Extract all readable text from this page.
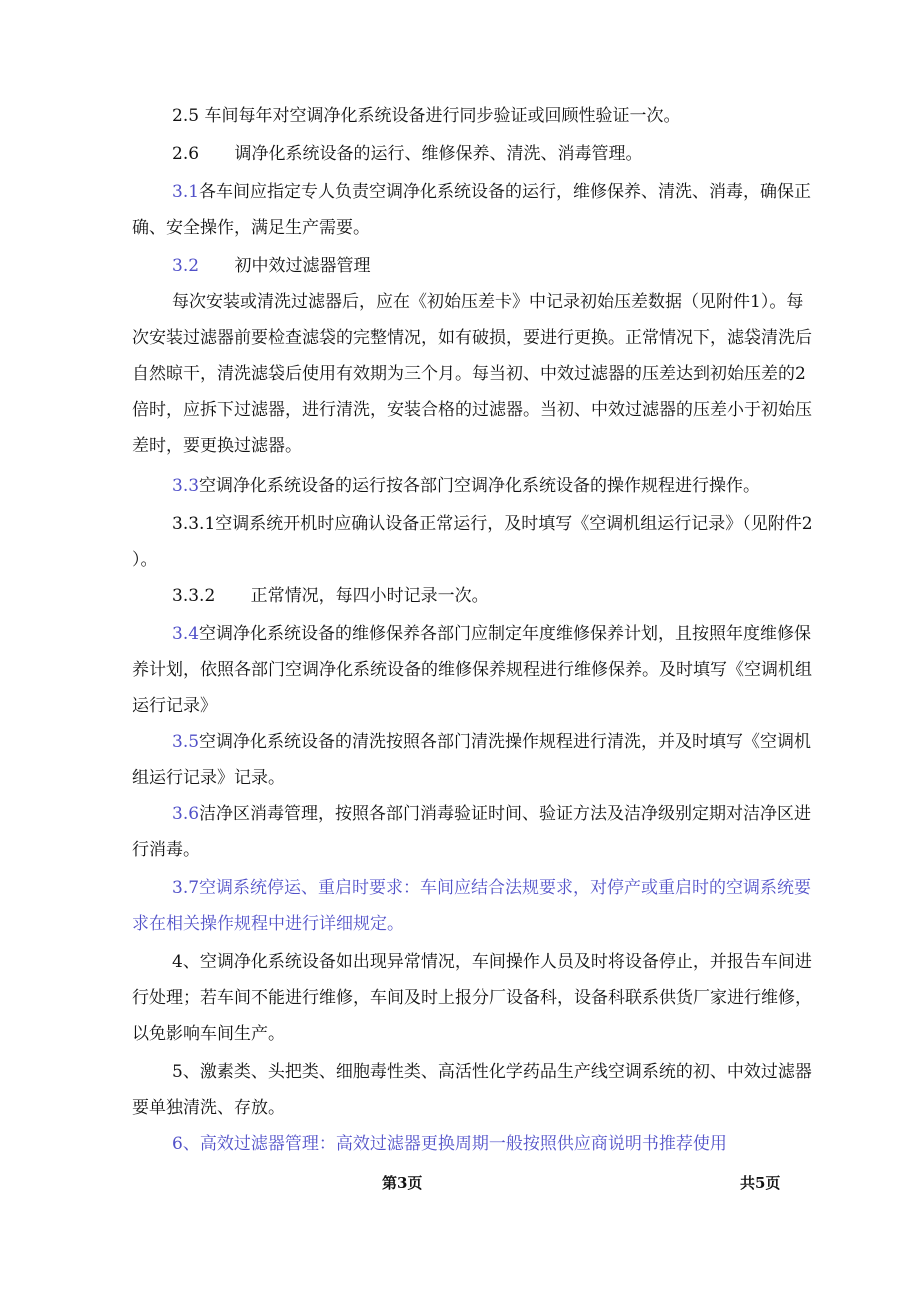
2.5 车间每年对空调净化系统设备进行同步验证或回顾性验证一次。
2.6 调净化系统设备的运行、维修保养、清洗、消毒管理。
3.1各车间应指定专人负责空调净化系统设备的运行，维修保养、清洗、消毒，确保正
确、安全操作，满足生产需要。
3.2 初中效过滤器管理
每次安装或清洗过滤器后，应在《初始压差卡》中记录初始压差数据（见附件1）。每
次安装过滤器前要检查滤袋的完整情况，如有破损，要进行更换。正常情况下，滤袋清洗后
自然晾干，清洗滤袋后使用有效期为三个月。每当初、中效过滤器的压差达到初始压差的2
倍时，应拆下过滤器，进行清洗，安装合格的过滤器。当初、中效过滤器的压差小于初始压
差时，要更换过滤器。
3.3空调净化系统设备的运行按各部门空调净化系统设备的操作规程进行操作。
3.3.1空调系统开机时应确认设备正常运行，及时填写《空调机组运行记录》（见附件2
）。
3.3.2 正常情况，每四小时记录一次。
3.4空调净化系统设备的维修保养各部门应制定年度维修保养计划，且按照年度维修保
养计划，依照各部门空调净化系统设备的维修保养规程进行维修保养。及时填写《空调机组
运行记录》
3.5空调净化系统设备的清洗按照各部门清洗操作规程进行清洗，并及时填写《空调机
组运行记录》记录。
3.6洁净区消毒管理，按照各部门消毒验证时间、验证方法及洁净级别定期对洁净区进
行消毒。
3.7空调系统停运、重启时要求：车间应结合法规要求，对停产或重启时的空调系统要
求在相关操作规程中进行详细规定。
4、空调净化系统设备如出现异常情况，车间操作人员及时将设备停止，并报告车间进
行处理；若车间不能进行维修，车间及时上报分厂设备科，设备科联系供货厂家进行维修，
以免影响车间生产。
5、激素类、头把类、细胞毒性类、高活性化学药品生产线空调系统的初、中效过滤器
要单独清洗、存放。
6、高效过滤器管理：高效过滤器更换周期一般按照供应商说明书推荐使用
第3页	共5页
